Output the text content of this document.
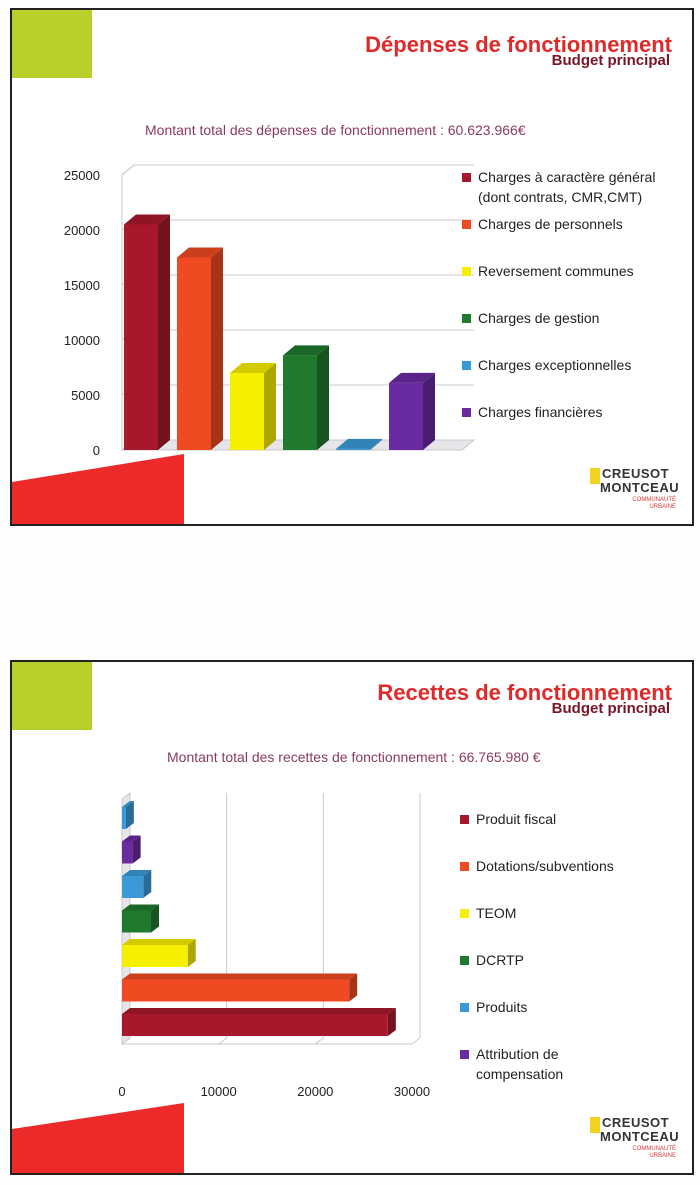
Dépenses de fonctionnement
Budget principal
Montant total des dépenses de fonctionnement : 60.623.966€
0
5000
10000
15000
20000
25000	Charges à caractère général
(dont contrats, CMR,CMT)
Charges de personnels
Reversement communes
Charges de gestion
Charges exceptionnelles
Charges financières
CREUSOT
MONTCEAU
COMMUNAUTÉ URBAINE
Recettes de fonctionnement
Budget principal
Montant total des recettes de fonctionnement : 66.765.980 €
0	10000	20000	30000
Produit fiscal
Dotations/subventions
TEOM
DCRTP
Produits
Attribution de
compensation
CREUSOT
MONTCEAU
COMMUNAUTÉ URBAINE
